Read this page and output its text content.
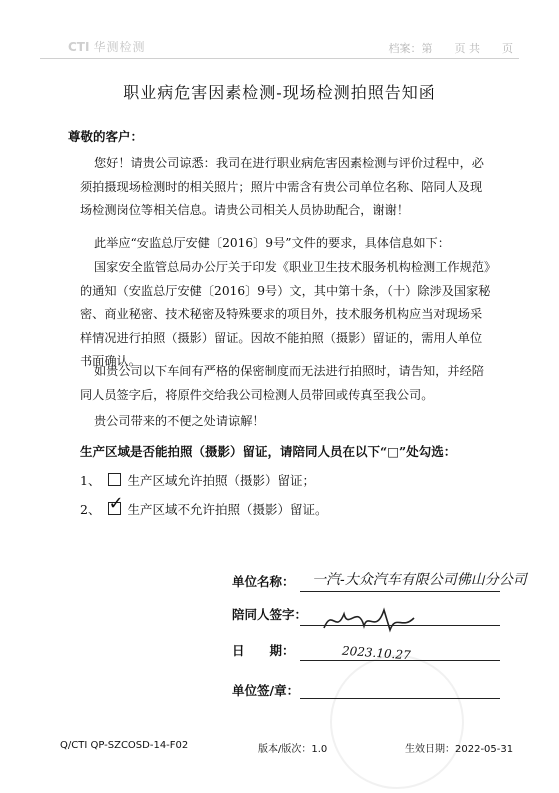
CTI 华测检测	档案：第　　页 共　　页
职业病危害因素检测-现场检测拍照告知函
尊敬的客户：

您好！请贵公司谅悉：我司在进行职业病危害因素检测与评价过程中，必须拍摄现场检测时的相关照片；照片中需含有贵公司单位名称、陪同人及现场检测岗位等相关信息。请贵公司相关人员协助配合，谢谢！

此举应“安监总厅安健〔2016〕9号”文件的要求，具体信息如下：

国家安全监管总局办公厅关于印发《职业卫生技术服务机构检测工作规范》的通知（安监总厅安健〔2016〕9号）文，其中第十条，（十）除涉及国家秘密、商业秘密、技术秘密及特殊要求的项目外，技术服务机构应当对现场采样情况进行拍照（摄影）留证。因故不能拍照（摄影）留证的，需用人单位书面确认。

如贵公司以下车间有严格的保密制度而无法进行拍照时，请告知，并经陪同人员签字后，将原件交给我公司检测人员带回或传真至我公司。

贵公司带来的不便之处请谅解！

生产区域是否能拍照（摄影）留证，请陪同人员在以下“□”处勾选：
1、 生产区域允许拍照（摄影）留证；
2、 ✓ 生产区域不允许拍照（摄影）留证。
单位名称： 一汽-大众汽车有限公司佛山分公司
陪同人签字：
日　　期：	2023.10.27
单位签/章：
Q/CTI QP-SZCOSD-14-F02	版本/版次：1.0	生效日期：2022-05-31
